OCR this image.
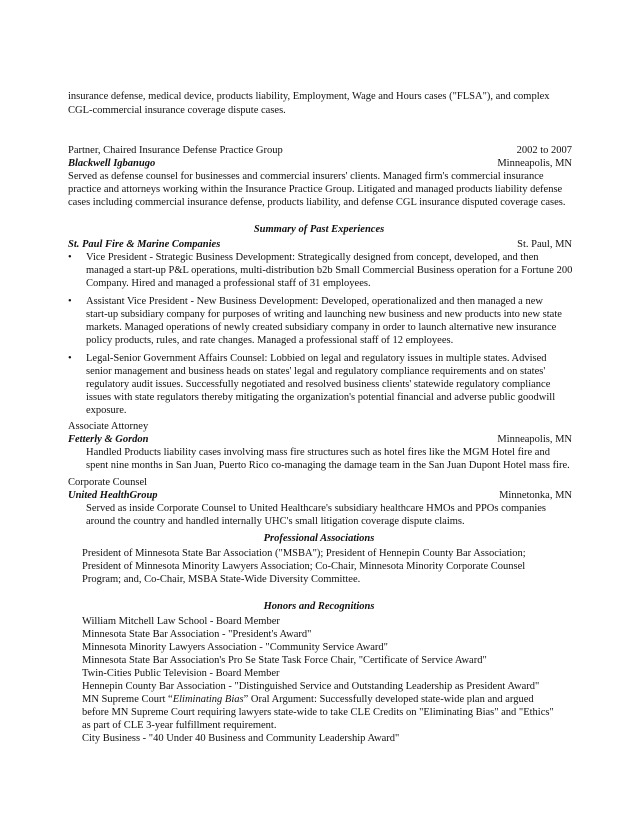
insurance defense, medical device, products liability, Employment, Wage and Hours cases ("FLSA"), and complex
CGL-commercial insurance coverage dispute cases.
Partner, Chaired Insurance Defense Practice Group	2002 to 2007
Blackwell Igbanugo	Minneapolis, MN
Served as defense counsel for businesses and commercial insurers' clients. Managed firm's commercial insurance
practice and attorneys working within the Insurance Practice Group. Litigated and managed products liability defense
cases including commercial insurance defense, products liability, and defense CGL insurance disputed coverage cases.
Summary of Past Experiences
St. Paul Fire & Marine Companies	St. Paul, MN
• Vice President - Strategic Business Development: Strategically designed from concept, developed, and then
managed a start-up P&L operations, multi-distribution b2b Small Commercial Business operation for a Fortune 200
Company. Hired and managed a professional staff of 31 employees.
• Assistant Vice President - New Business Development: Developed, operationalized and then managed a new
start-up subsidiary company for purposes of writing and launching new business and new products into new state
markets. Managed operations of newly created subsidiary company in order to launch alternative new insurance
policy products, rules, and rate changes. Managed a professional staff of 12 employees.
• Legal-Senior Government Affairs Counsel: Lobbied on legal and regulatory issues in multiple states. Advised
senior management and business heads on states' legal and regulatory compliance requirements and on states'
regulatory audit issues. Successfully negotiated and resolved business clients' statewide regulatory compliance
issues with state regulators thereby mitigating the organization's potential financial and adverse public goodwill
exposure.
Associate Attorney
Fetterly & Gordon	Minneapolis, MN
Handled Products liability cases involving mass fire structures such as hotel fires like the MGM Hotel fire and
spent nine months in San Juan, Puerto Rico co-managing the damage team in the San Juan Dupont Hotel mass fire.
Corporate Counsel
United HealthGroup	Minnetonka, MN
Served as inside Corporate Counsel to United Healthcare's subsidiary healthcare HMOs and PPOs companies
around the country and handled internally UHC's small litigation coverage dispute claims.
Professional Associations
President of Minnesota State Bar Association ("MSBA"); President of Hennepin County Bar Association;
President of Minnesota Minority Lawyers Association; Co-Chair, Minnesota Minority Corporate Counsel
Program; and, Co-Chair, MSBA State-Wide Diversity Committee.
Honors and Recognitions
William Mitchell Law School - Board Member
Minnesota State Bar Association - "President's Award"
Minnesota Minority Lawyers Association - "Community Service Award"
Minnesota State Bar Association's Pro Se State Task Force Chair, "Certificate of Service Award"
Twin-Cities Public Television - Board Member
Hennepin County Bar Association - "Distinguished Service and Outstanding Leadership as President Award"
MN Supreme Court “Eliminating Bias” Oral Argument: Successfully developed state-wide plan and argued
before MN Supreme Court requiring lawyers state-wide to take CLE Credits on "Eliminating Bias" and "Ethics"
as part of CLE 3-year fulfillment requirement.
City Business - "40 Under 40 Business and Community Leadership Award"
